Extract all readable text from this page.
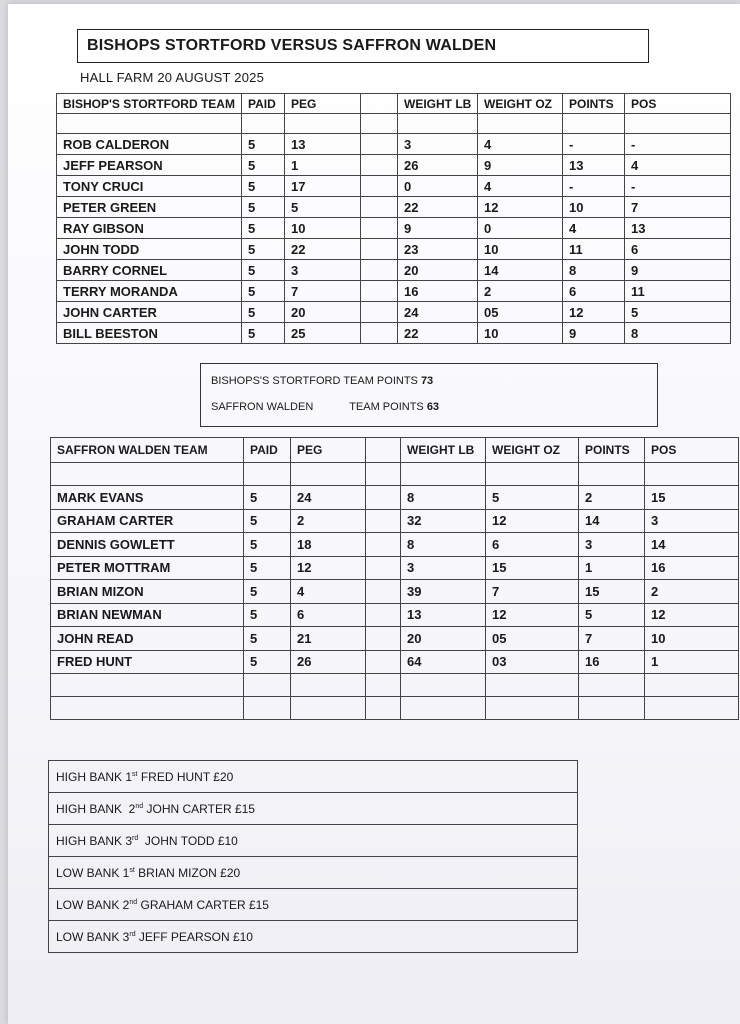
BISHOPS STORTFORD VERSUS SAFFRON WALDEN
HALL FARM 20 AUGUST 2025
BISHOP'S STORTFORD TEAM	PAID	PEG		WEIGHT LB	WEIGHT OZ	POINTS	POS

ROB CALDERON	5	13		3	4	-	-
JEFF PEARSON	5	1		26	9	13	4
TONY CRUCI	5	17		0	4	-	-
PETER GREEN	5	5		22	12	10	7
RAY GIBSON	5	10		9	0	4	13
JOHN TODD	5	22		23	10	11	6
BARRY CORNEL	5	3		20	14	8	9
TERRY MORANDA	5	7		16	2	6	11
JOHN CARTER	5	20		24	05	12	5
BILL BEESTON	5	25		22	10	9	8
BISHOPS'S STORTFORD TEAM POINTS 73
SAFFRON WALDEN	TEAM POINTS 63
SAFFRON WALDEN TEAM	PAID	PEG		WEIGHT LB	WEIGHT OZ	POINTS	POS

MARK EVANS	5	24		8	5	2	15
GRAHAM CARTER	5	2		32	12	14	3
DENNIS GOWLETT	5	18		8	6	3	14
PETER MOTTRAM	5	12		3	15	1	16
BRIAN MIZON	5	4		39	7	15	2
BRIAN NEWMAN	5	6		13	12	5	12
JOHN READ	5	21		20	05	7	10
FRED HUNT	5	26		64	03	16	1

HIGH BANK 1st FRED HUNT £20
HIGH BANK  2nd JOHN CARTER £15
HIGH BANK 3rd  JOHN TODD £10
LOW BANK 1st BRIAN MIZON £20
LOW BANK 2nd GRAHAM CARTER £15
LOW BANK 3rd JEFF PEARSON £10
